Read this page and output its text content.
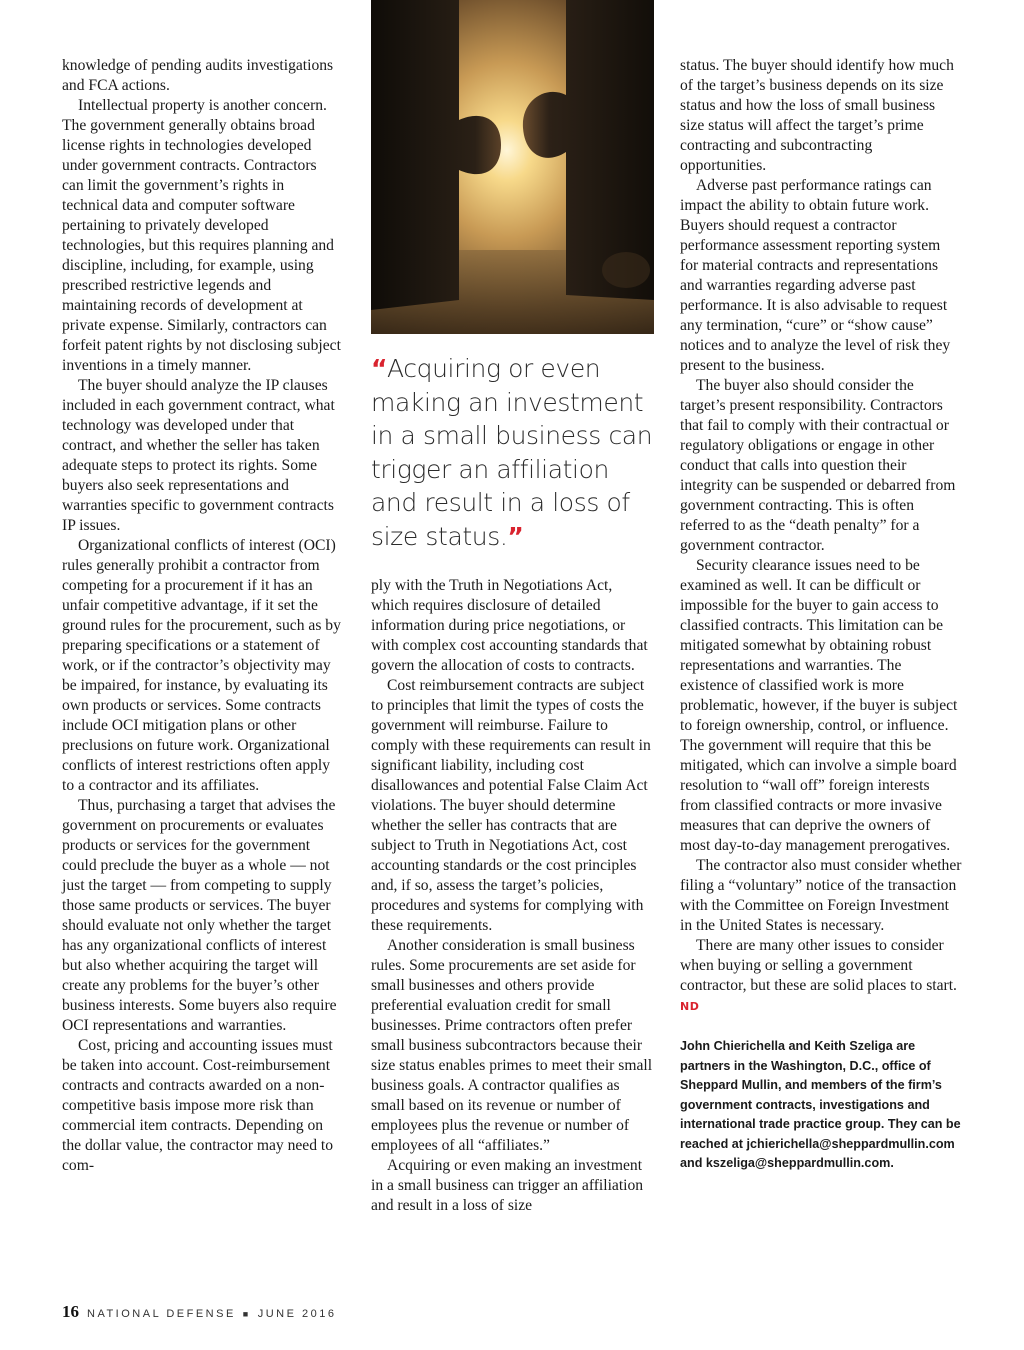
knowledge of pending audits investigations and FCA actions.

Intellectual property is another concern. The government generally obtains broad license rights in technologies developed under government contracts. Contractors can limit the government’s rights in technical data and computer software pertaining to privately developed technologies, but this requires planning and discipline, including, for example, using prescribed restrictive legends and maintaining records of development at private expense. Similarly, contractors can forfeit patent rights by not disclosing subject inventions in a timely manner.

The buyer should analyze the IP clauses included in each government contract, what technology was developed under that contract, and whether the seller has taken adequate steps to protect its rights. Some buyers also seek representations and warranties specific to government contracts IP issues.

Organizational conflicts of interest (OCI) rules generally prohibit a contractor from competing for a procurement if it has an unfair competitive advantage, if it set the ground rules for the procurement, such as by preparing specifications or a statement of work, or if the contractor’s objectivity may be impaired, for instance, by evaluating its own products or services. Some contracts include OCI mitigation plans or other preclusions on future work. Organizational conflicts of interest restrictions often apply to a contractor and its affiliates.

Thus, purchasing a target that advises the government on procurements or evaluates products or services for the government could preclude the buyer as a whole — not just the target — from competing to supply those same products or services. The buyer should evaluate not only whether the target has any organizational conflicts of interest but also whether acquiring the target will create any problems for the buyer’s other business interests. Some buyers also require OCI representations and warranties.

Cost, pricing and accounting issues must be taken into account. Cost-reimbursement contracts and contracts awarded on a non-competitive basis impose more risk than commercial item contracts. Depending on the dollar value, the contractor may need to com-

“Acquiring or even making an investment in a small business can trigger an affiliation and result in a loss of size status.”

ply with the Truth in Negotiations Act, which requires disclosure of detailed information during price negotiations, or with complex cost accounting standards that govern the allocation of costs to contracts.

Cost reimbursement contracts are subject to principles that limit the types of costs the government will reimburse. Failure to comply with these requirements can result in significant liability, including cost disallowances and potential False Claim Act violations. The buyer should determine whether the seller has contracts that are subject to Truth in Negotiations Act, cost accounting standards or the cost principles and, if so, assess the target’s policies, procedures and systems for complying with these requirements.

Another consideration is small business rules. Some procurements are set aside for small businesses and others provide preferential evaluation credit for small businesses. Prime contractors often prefer small business subcontractors because their size status enables primes to meet their small business goals. A contractor qualifies as small based on its revenue or number of employees plus the revenue or number of employees of all “affiliates.”

Acquiring or even making an investment in a small business can trigger an affiliation and result in a loss of size

status. The buyer should identify how much of the target’s business depends on its size status and how the loss of small business size status will affect the target’s prime contracting and subcontracting opportunities.

Adverse past performance ratings can impact the ability to obtain future work. Buyers should request a contractor performance assessment reporting system for material contracts and representations and warranties regarding adverse past performance. It is also advisable to request any termination, “cure” or “show cause” notices and to analyze the level of risk they present to the business.

The buyer also should consider the target’s present responsibility. Contractors that fail to comply with their contractual or regulatory obligations or engage in other conduct that calls into question their integrity can be suspended or debarred from government contracting. This is often referred to as the “death penalty” for a government contractor.

Security clearance issues need to be examined as well. It can be difficult or impossible for the buyer to gain access to classified contracts. This limitation can be mitigated somewhat by obtaining robust representations and warranties. The existence of classified work is more problematic, however, if the buyer is subject to foreign ownership, control, or influence. The government will require that this be mitigated, which can involve a simple board resolution to “wall off” foreign interests from classified contracts or more invasive measures that can deprive the owners of most day-to-day management prerogatives.

The contractor also must consider whether filing a “voluntary” notice of the transaction with the Committee on Foreign Investment in the United States is necessary.

There are many other issues to consider when buying or selling a government contractor, but these are solid places to start. ND

John Chierichella and Keith Szeliga are partners in the Washington, D.C., office of Sheppard Mullin, and members of the firm’s government contracts, investigations and international trade practice group. They can be reached at jchierichella@sheppardmullin.com and kszeliga@sheppardmullin.com.
16 NATIONAL DEFENSE ■ JUNE 2016
